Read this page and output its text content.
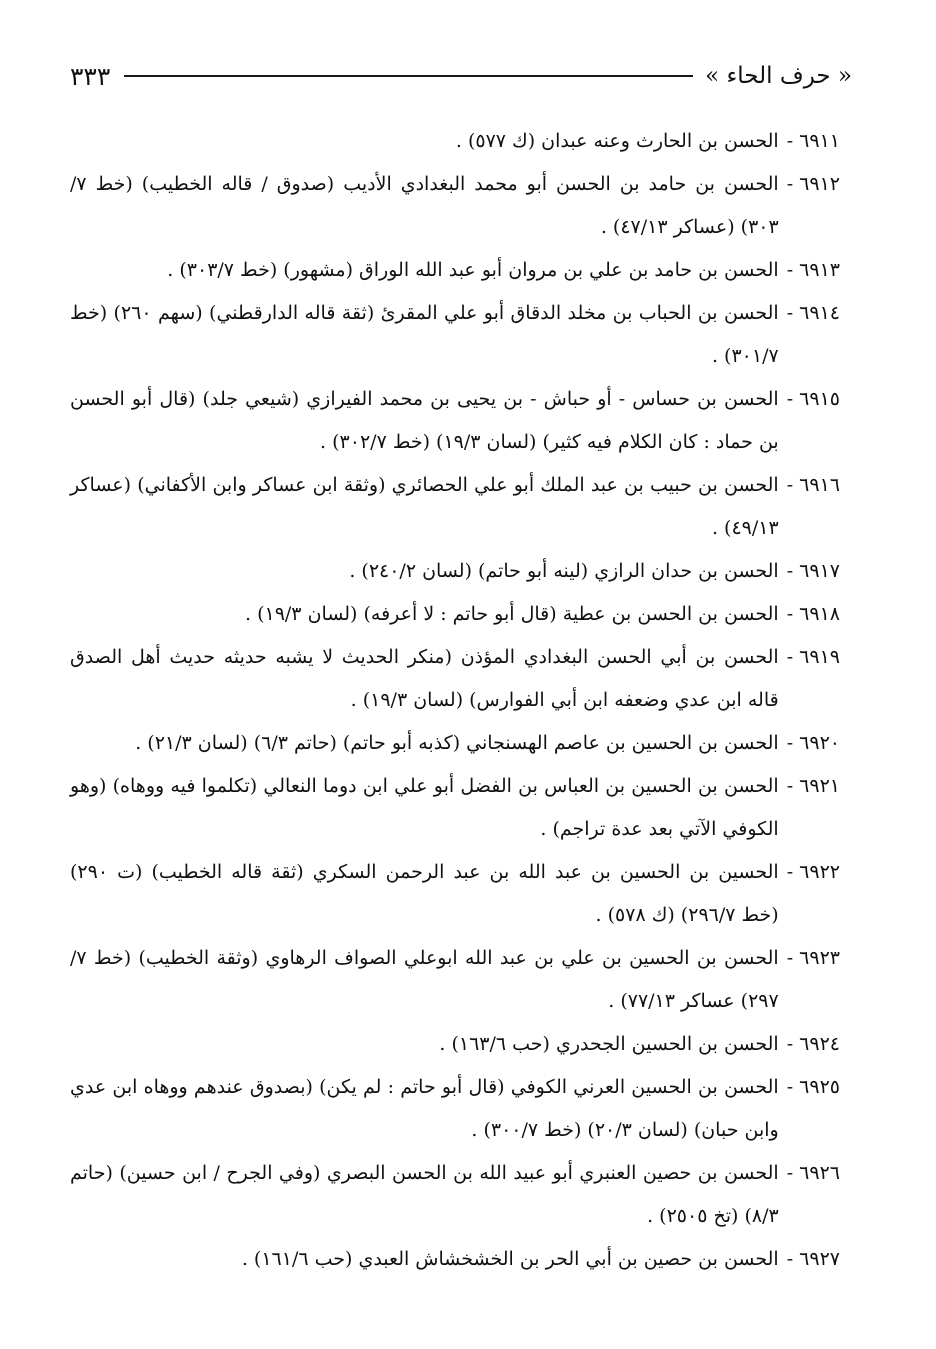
٣٣٣	« حرف الحاء »
٦٩١١ -
الحسن بن الحارث وعنه عبدان (ك ٥٧٧) .
٦٩١٢ -
الحسن بن حامد بن الحسن أبو محمد البغدادي الأديب (صدوق / قاله الخطيب) (خط ٧/ ٣٠٣) (عساكر ٤٧/١٣) .
٦٩١٣ -
الحسن بن حامد بن علي بن مروان أبو عبد الله الوراق (مشهور) (خط ٣٠٣/٧) .
٦٩١٤ -
الحسن بن الحباب بن مخلد الدقاق أبو علي المقرئ (ثقة قاله الدارقطني) (سهم ٢٦٠) (خط ٣٠١/٧) .
٦٩١٥ -
الحسن بن حساس - أو حباش - بن يحيى بن محمد الفيرازي (شيعي جلد) (قال أبو الحسن بن حماد : كان الكلام فيه كثير) (لسان ١٩/٣) (خط ٣٠٢/٧) .
٦٩١٦ -
الحسن بن حبيب بن عبد الملك أبو علي الحصائري (وثقة ابن عساكر وابن الأكفاني) (عساكر ٤٩/١٣) .
٦٩١٧ -
الحسن بن حدان الرازي (لينه أبو حاتم) (لسان ٢٤٠/٢) .
٦٩١٨ -
الحسن بن الحسن بن عطية (قال أبو حاتم : لا أعرفه) (لسان ١٩/٣) .
٦٩١٩ -
الحسن بن أبي الحسن البغدادي المؤذن (منكر الحديث لا يشبه حديثه حديث أهل الصدق قاله ابن عدي وضعفه ابن أبي الفوارس) (لسان ١٩/٣) .
٦٩٢٠ -
الحسن بن الحسين بن عاصم الهسنجاني (كذبه أبو حاتم) (حاتم ٦/٣) (لسان ٢١/٣) .
٦٩٢١ -
الحسن بن الحسين بن العباس بن الفضل أبو علي ابن دوما النعالي (تكلموا فيه ووهاه) (وهو الكوفي الآتي بعد عدة تراجم) .
٦٩٢٢ -
الحسين بن الحسين بن عبد الله بن عبد الرحمن السكري (ثقة قاله الخطيب) (ت ٢٩٠) (خط ٢٩٦/٧) (ك ٥٧٨) .
٦٩٢٣ -
الحسن بن الحسين بن علي بن عبد الله ابوعلي الصواف الرهاوي (وثقة الخطيب) (خط ٧/ ٢٩٧) عساكر ٧٧/١٣) .
٦٩٢٤ -
الحسن بن الحسين الجحدري (حب ١٦٣/٦) .
٦٩٢٥ -
الحسن بن الحسين العرني الكوفي (قال أبو حاتم : لم يكن) (بصدوق عندهم ووهاه ابن عدي وابن حبان) (لسان ٢٠/٣) (خط ٣٠٠/٧) .
٦٩٢٦ -
الحسن بن حصين العنبري أبو عبيد الله بن الحسن البصري (وفي الجرح / ابن حسين) (حاتم ٨/٣) (تخ ٢٥٠٥) .
٦٩٢٧ -
الحسن بن حصين بن أبي الحر بن الخشخشاش العبدي (حب ١٦١/٦) .
